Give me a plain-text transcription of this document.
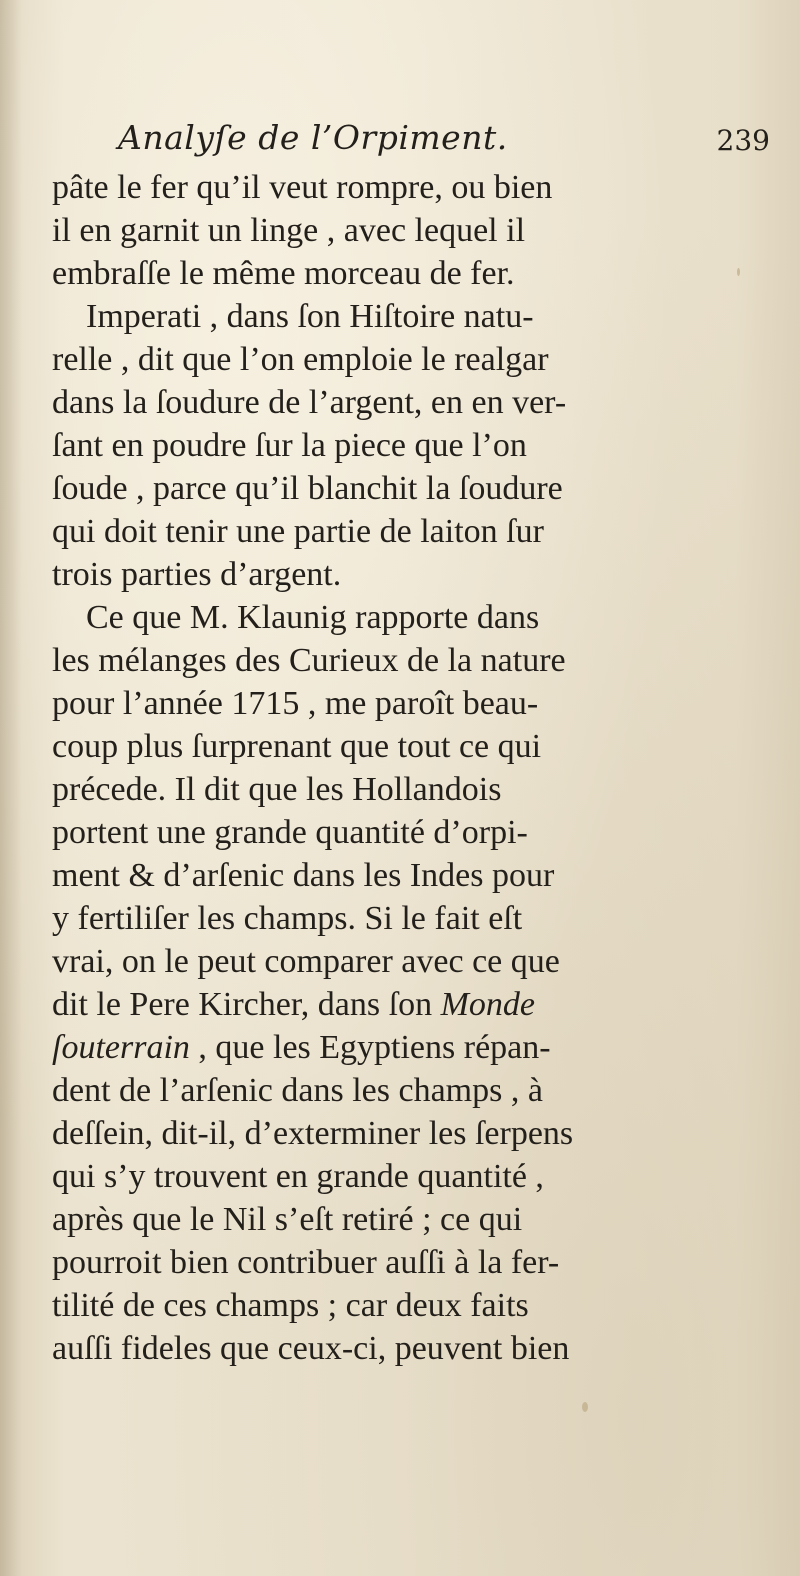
Analyſe de l’Orpiment.	239
pâte le fer qu’il veut rompre, ou bien
il en garnit un linge , avec lequel il
embraſſe le même morceau de fer.
Imperati , dans ſon Hiſtoire natu-
relle , dit que l’on emploie le realgar
dans la ſoudure de l’argent, en en ver-
ſant en poudre ſur la piece que l’on
ſoude , parce qu’il blanchit la ſoudure
qui doit tenir une partie de laiton ſur
trois parties d’argent.
Ce que M. Klaunig rapporte dans
les mélanges des Curieux de la nature
pour l’année 1715 , me paroît beau-
coup plus ſurprenant que tout ce qui
précede. Il dit que les Hollandois
portent une grande quantité d’orpi-
ment & d’arſenic dans les Indes pour
y fertiliſer les champs. Si le fait eſt
vrai, on le peut comparer avec ce que
dit le Pere Kircher, dans ſon Monde
ſouterrain , que les Egyptiens répan-
dent de l’arſenic dans les champs , à
deſſein, dit-il, d’exterminer les ſerpens
qui s’y trouvent en grande quantité ,
après que le Nil s’eſt retiré ; ce qui
pourroit bien contribuer auſſi à la fer-
tilité de ces champs ; car deux faits
auſſi fideles que ceux-ci, peuvent bien
